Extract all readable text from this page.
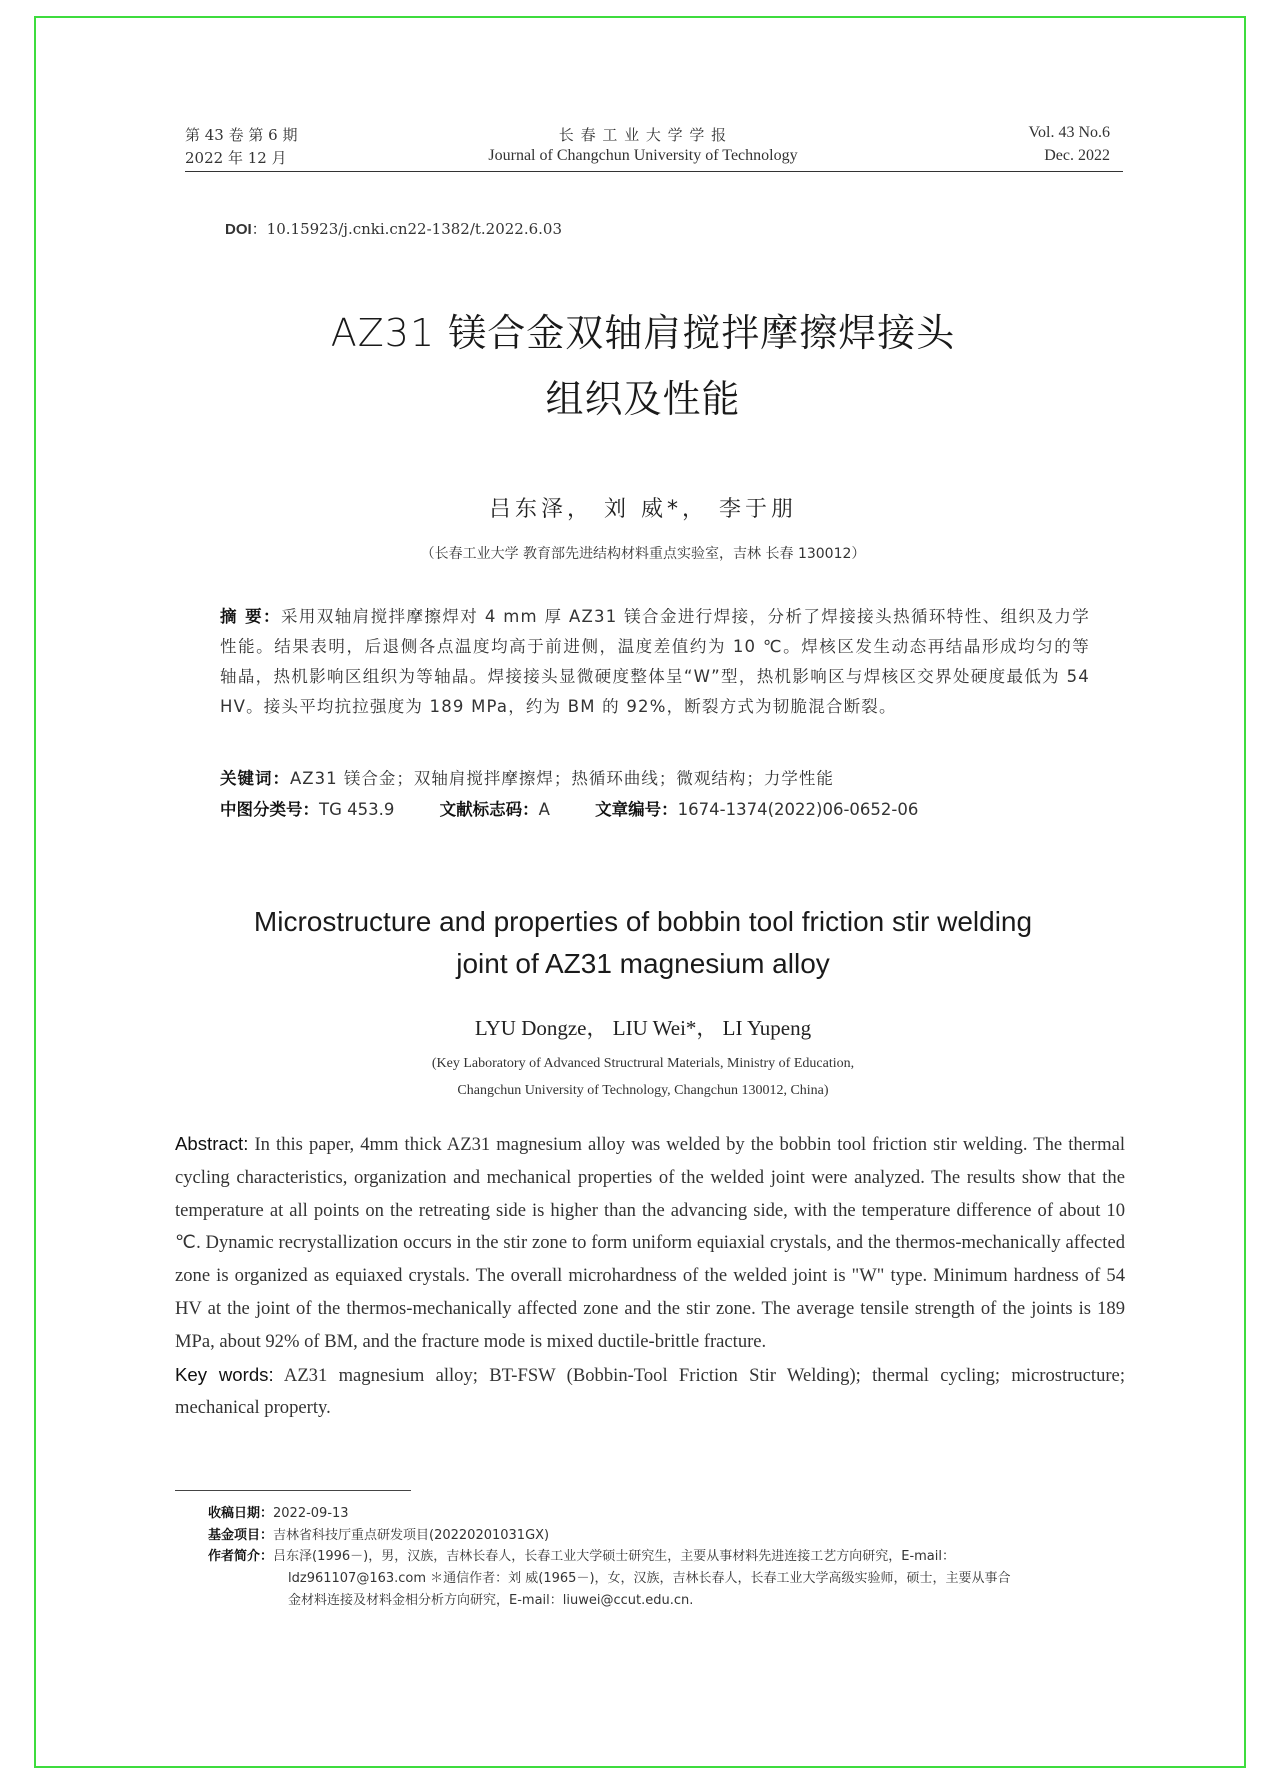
第 43 卷 第 6 期
2022 年 12 月
长 春 工 业 大 学 学 报
Journal of Changchun University of Technology
Vol. 43 No.6
Dec. 2022
DOI：10.15923/j.cnki.cn22-1382/t.2022.6.03
AZ31 镁合金双轴肩搅拌摩擦焊接头
组织及性能
吕东泽， 刘 威*， 李于朋
（长春工业大学 教育部先进结构材料重点实验室，吉林 长春 130012）
摘 要：采用双轴肩搅拌摩擦焊对 4 mm 厚 AZ31 镁合金进行焊接，分析了焊接接头热循环特性、组织及力学性能。结果表明，后退侧各点温度均高于前进侧，温度差值约为 10 ℃。焊核区发生动态再结晶形成均匀的等轴晶，热机影响区组织为等轴晶。焊接接头显微硬度整体呈“W”型，热机影响区与焊核区交界处硬度最低为 54 HV。接头平均抗拉强度为 189 MPa，约为 BM 的 92%，断裂方式为韧脆混合断裂。
关键词：AZ31 镁合金；双轴肩搅拌摩擦焊；热循环曲线；微观结构；力学性能
中图分类号：TG 453.9	文献标志码：A	文章编号：1674-1374(2022)06-0652-06
Microstructure and properties of bobbin tool friction stir welding
joint of AZ31 magnesium alloy
LYU Dongze， LIU Wei*， LI Yupeng
(Key Laboratory of Advanced Structrural Materials, Ministry of Education,
Changchun University of Technology, Changchun 130012, China)
Abstract: In this paper, 4mm thick AZ31 magnesium alloy was welded by the bobbin tool friction stir welding. The thermal cycling characteristics, organization and mechanical properties of the welded joint were analyzed. The results show that the temperature at all points on the retreating side is higher than the advancing side, with the temperature difference of about 10 ℃. Dynamic recrystallization occurs in the stir zone to form uniform equiaxial crystals, and the thermos-mechanically affected zone is organized as equiaxed crystals. The overall microhardness of the welded joint is "W" type. Minimum hardness of 54 HV at the joint of the thermos-mechanically affected zone and the stir zone. The average tensile strength of the joints is 189 MPa, about 92% of BM, and the fracture mode is mixed ductile-brittle fracture.
Key words: AZ31 magnesium alloy; BT-FSW (Bobbin-Tool Friction Stir Welding); thermal cycling; microstructure; mechanical property.
收稿日期：2022-09-13
基金项目：吉林省科技厅重点研发项目(20220201031GX)
作者简介：吕东泽(1996－)，男，汉族，吉林长春人，长春工业大学硕士研究生，主要从事材料先进连接工艺方向研究，E-mail：
ldz961107@163.com ＊通信作者：刘 威(1965－)，女，汉族，吉林长春人，长春工业大学高级实验师，硕士，主要从事合
金材料连接及材料金相分析方向研究，E-mail：liuwei@ccut.edu.cn.
